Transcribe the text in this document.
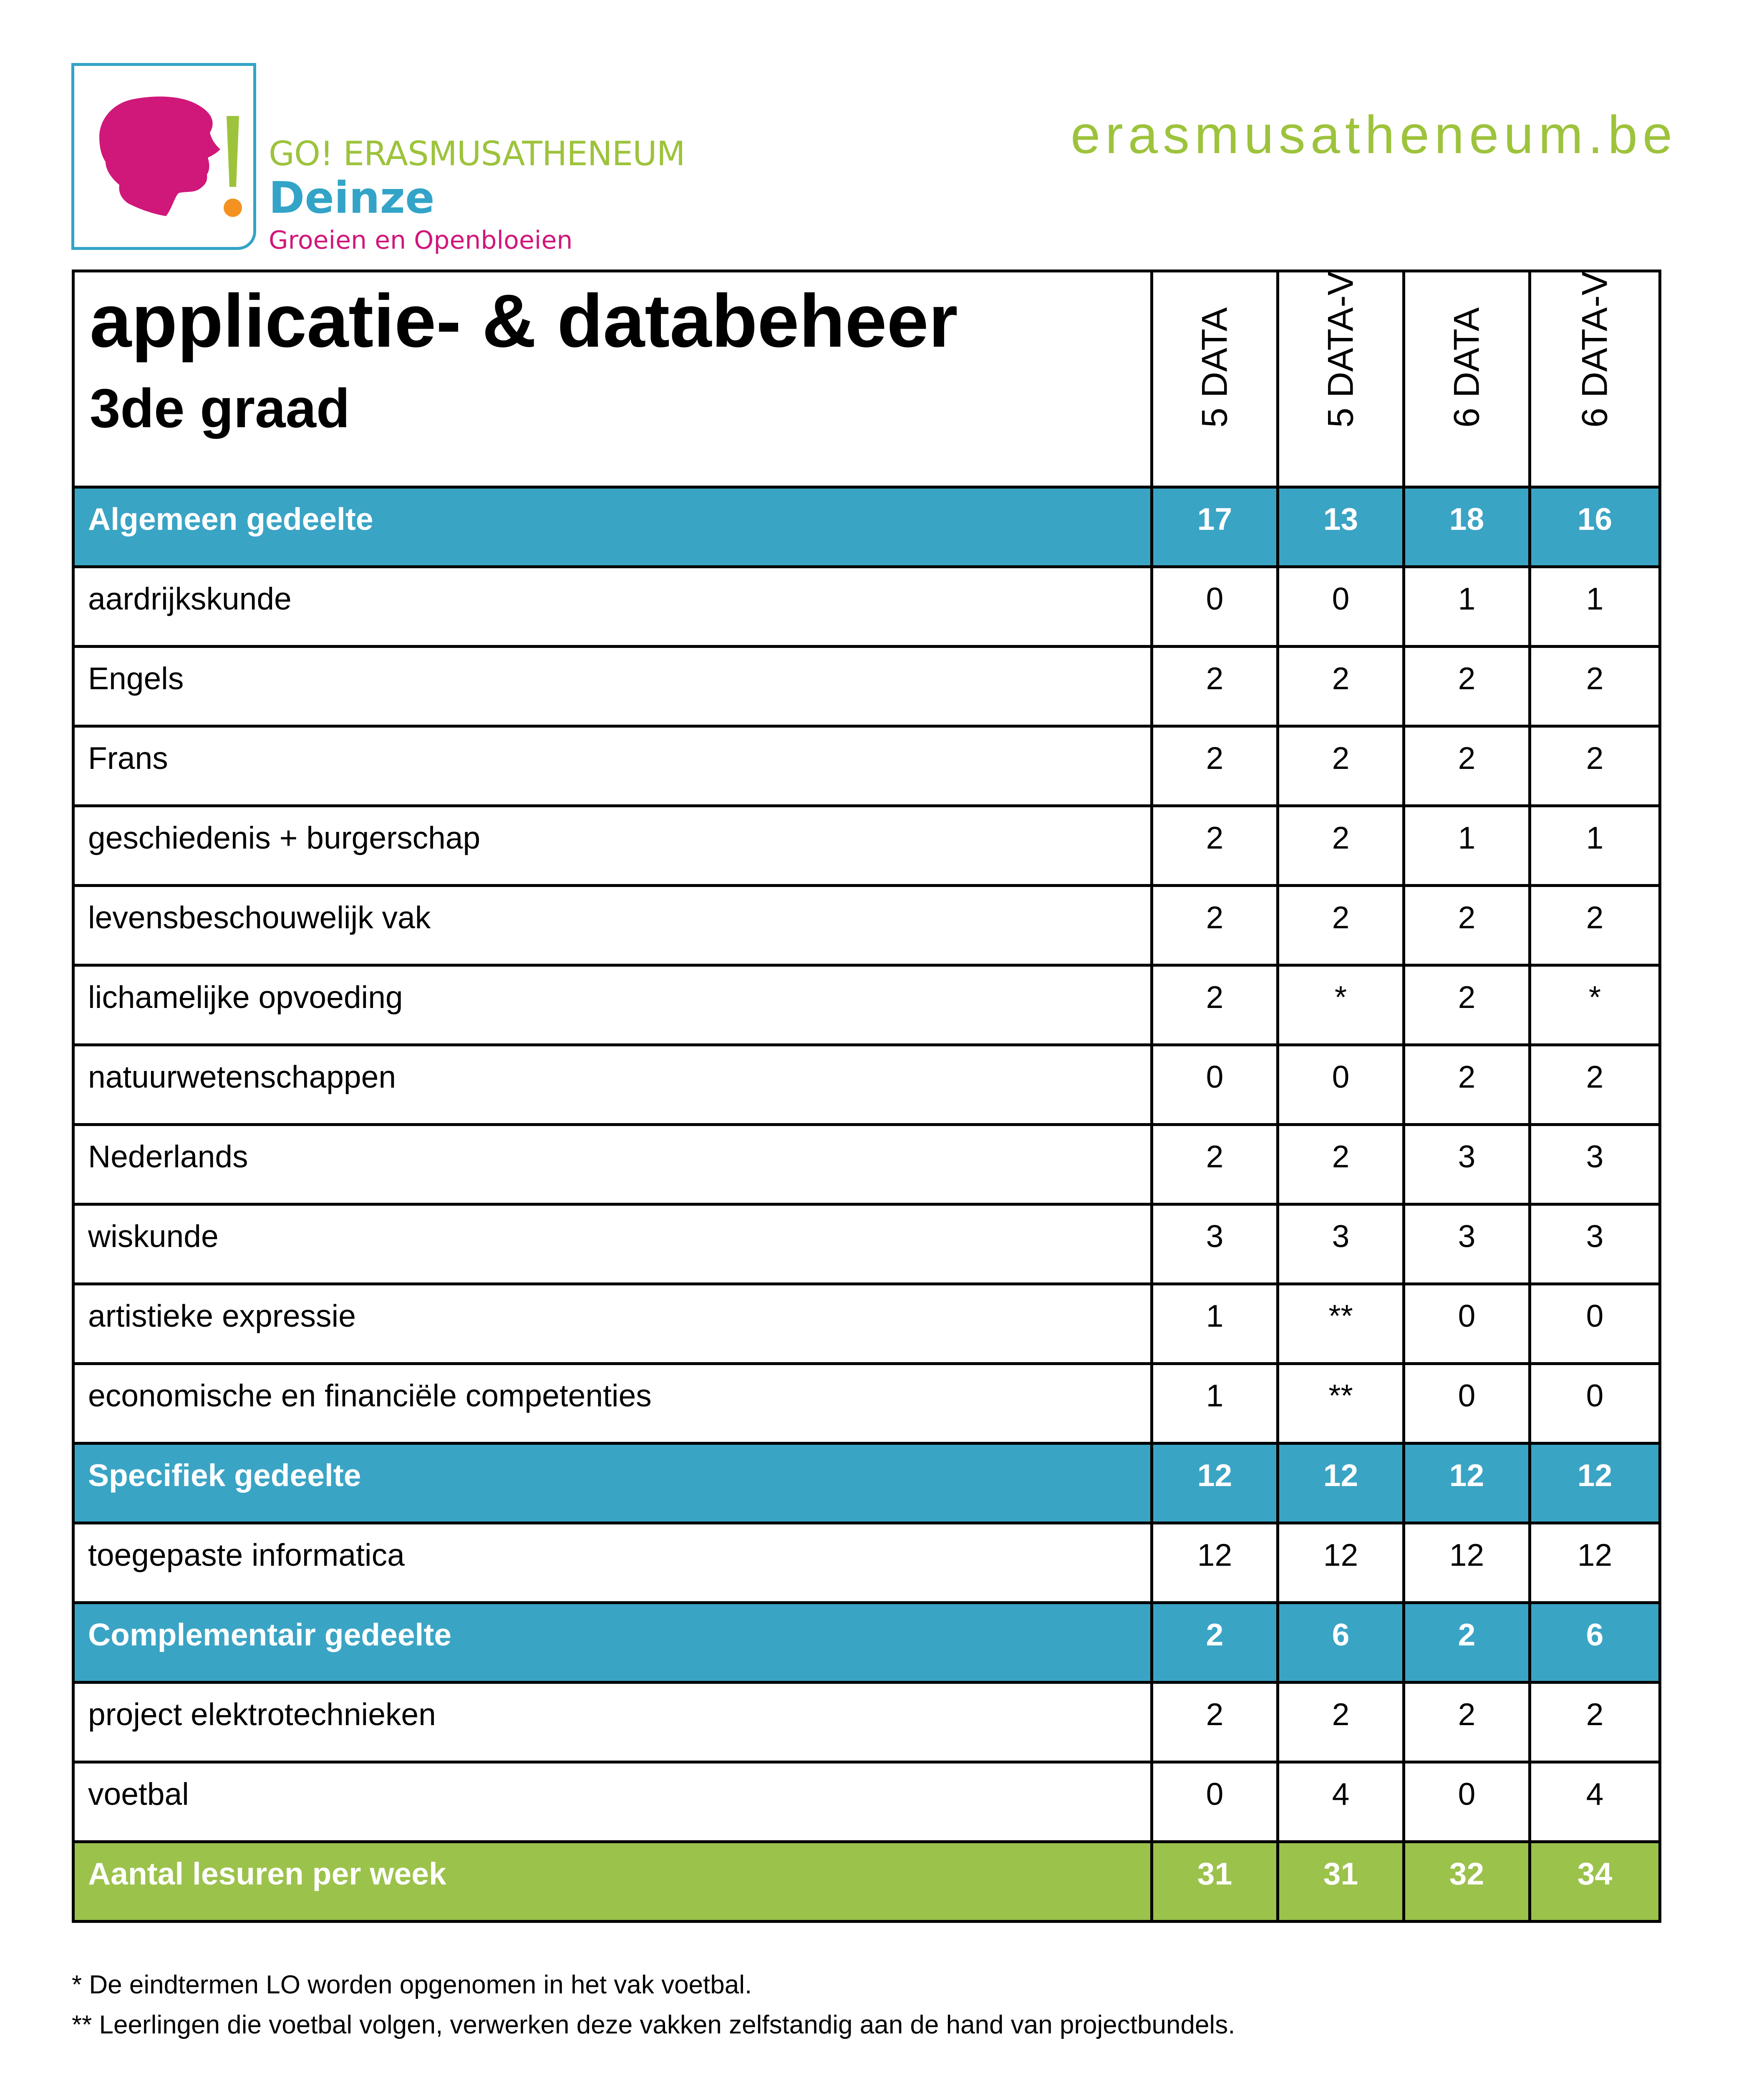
GO! ERASMUSATHENEUM
Deinze
Groeien en Openbloeien
erasmusatheneum.be
applicatie- & databeheer
3de graad	5 DATA	5 DATA-V	6 DATA	6 DATA-V

Algemeen gedeelte	17	13	18	16
aardrijkskunde	0	0	1	1
Engels	2	2	2	2
Frans	2	2	2	2
geschiedenis + burgerschap	2	2	1	1
levensbeschouwelijk vak	2	2	2	2
lichamelijke opvoeding	2	*	2	*
natuurwetenschappen	0	0	2	2
Nederlands	2	2	3	3
wiskunde	3	3	3	3
artistieke expressie	1	**	0	0
economische en financiële competenties	1	**	0	0
Specifiek gedeelte	12	12	12	12
toegepaste informatica	12	12	12	12
Complementair gedeelte	2	6	2	6
project elektrotechnieken	2	2	2	2
voetbal	0	4	0	4
Aantal lesuren per week	31	31	32	34
* De eindtermen LO worden opgenomen in het vak voetbal.
** Leerlingen die voetbal volgen, verwerken deze vakken zelfstandig aan de hand van projectbundels.
